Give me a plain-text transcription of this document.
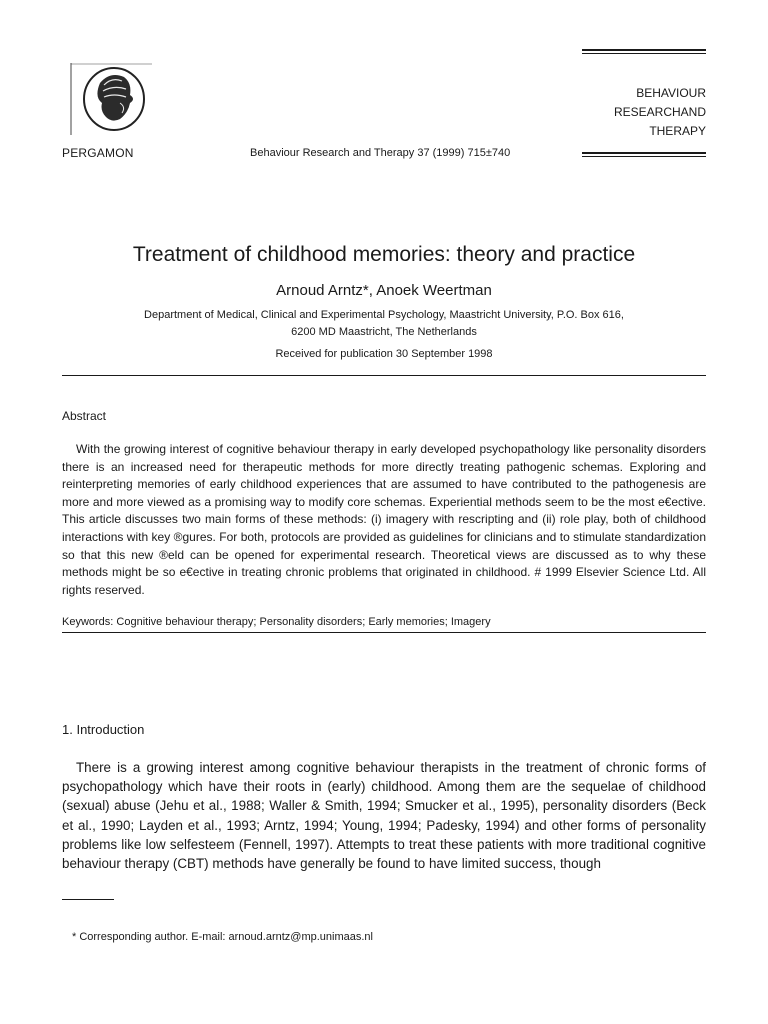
PERGAMON	Behaviour Research and Therapy 37 (1999) 715±740
BEHAVIOUR
RESEARCHAND
THERAPY
Treatment of childhood memories: theory and practice
Arnoud Arntz*, Anoek Weertman
Department of Medical, Clinical and Experimental Psychology, Maastricht University, P.O. Box 616,
6200 MD Maastricht, The Netherlands
Received for publication 30 September 1998
Abstract

With the growing interest of cognitive behaviour therapy in early developed psychopathology like personality disorders there is an increased need for therapeutic methods for more directly treating pathogenic schemas. Exploring and reinterpreting memories of early childhood experiences that are assumed to have contributed to the pathogenesis are more and more viewed as a promising way to modify core schemas. Experiential methods seem to be the most e€ective. This article discusses two main forms of these methods: (i) imagery with rescripting and (ii) role play, both of childhood interactions with key ®gures. For both, protocols are provided as guidelines for clinicians and to stimulate standardization so that this new ®eld can be opened for experimental research. Theoretical views are discussed as to why these methods might be so e€ective in treating chronic problems that originated in childhood. # 1999 Elsevier Science Ltd. All rights reserved.

Keywords: Cognitive behaviour therapy; Personality disorders; Early memories; Imagery
1. Introduction

There is a growing interest among cognitive behaviour therapists in the treatment of chronic forms of psychopathology which have their roots in (early) childhood. Among them are the sequelae of childhood (sexual) abuse (Jehu et al., 1988; Waller & Smith, 1994; Smucker et al., 1995), personality disorders (Beck et al., 1990; Layden et al., 1993; Arntz, 1994; Young, 1994; Padesky, 1994) and other forms of personality problems like low selfesteem (Fennell, 1997). Attempts to treat these patients with more traditional cognitive behaviour therapy (CBT) methods have generally be found to have limited success, though

* Corresponding author. E-mail: arnoud.arntz@mp.unimaas.nl
